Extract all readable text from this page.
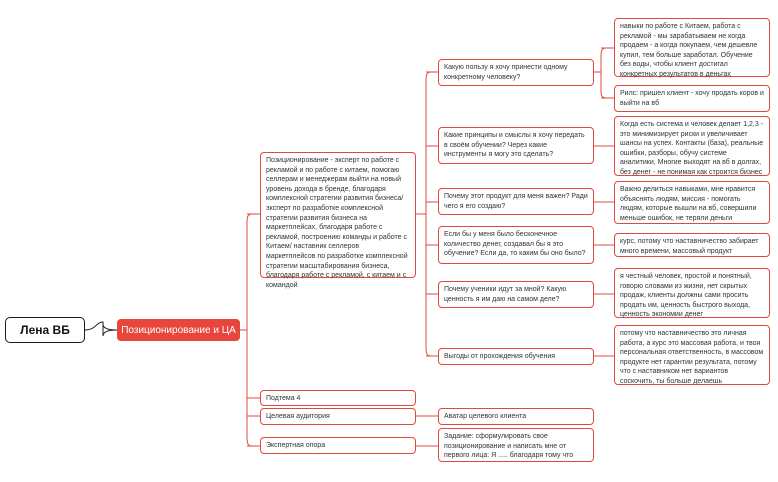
Лена ВБ	Позиционирование и ЦА
Позиционирование - эксперт по работе с рекламой и по работе с китаем, помогаю селлерам и менеджерам выйти на новый уровень дохода в бренде, благодаря комплексной стратегии развития бизнеса/ эксперт по разработке комплексной стратегии развития бизнеса на маркетплейсах, благодаря работе с рекламой, построению команды и работе с Китаем/ наставник селлеров маркетплейсов по разработке комплексной стратегии масштабирования бизнеса, благодаря работе с рекламой, с китаем и с командой
Подтема 4
Целевая аудитория
Экспертная опора
Какую пользу я хочу принести одному конкретному человеку?
Какие принципы и смыслы я хочу передать в своём обучении? Через какие инструменты я могу это сделать?
Почему этот продукт для меня важен? Ради чего я его создаю?
Если бы у меня было бесконечное количество денег, создавал бы я это обучение? Если да, то каким бы оно было?
Почему ученики идут за мной? Какую ценность я им даю на самом деле?
Выгоды от прохождения обучения
навыки по работе с Китаем, работа с рекламой - мы зарабатываем не когда продаем - а когда покупаем, чем дешевле купил, тем больше заработал. Обучение без воды, чтобы клиент достигал конкретных результатов в деньгах
Рилс: пришел клиент - хочу продать коров и выйти на вб
Когда есть система и человек делает 1,2,3 - это минимизирует риски и увеличивает шансы на успех. Контакты (база), реальные ошибки, разборы, обучу системе аналитики, Многие выходят на вб в долгах, без денег - не понимая как строится бизнес
Важно делиться навыками, мне нравится объяснять людям, миссия - помогать людям, которые вышли на вб, совершили меньше ошибок, не теряли деньги
курс, потому что наставничество забирает много времени, массовый продукт
я честный человек, простой и понятный, говорю словами из жизни, нет скрытых продаж, клиенты должны сами просить продать им, ценность быстрого выхода, ценность экономии денег
потому что наставничество это личная работа, а курс это массовая работа, и твоя персональная ответственность, в массовом продукте нет гарантии результата, потому что с наставником нет вариантов соскочить, ты больше делаешь
Аватар целевого клиента
Задание: сформулировать свое позиционирование и написать мне от первого лица: Я ..... благодаря тому что
